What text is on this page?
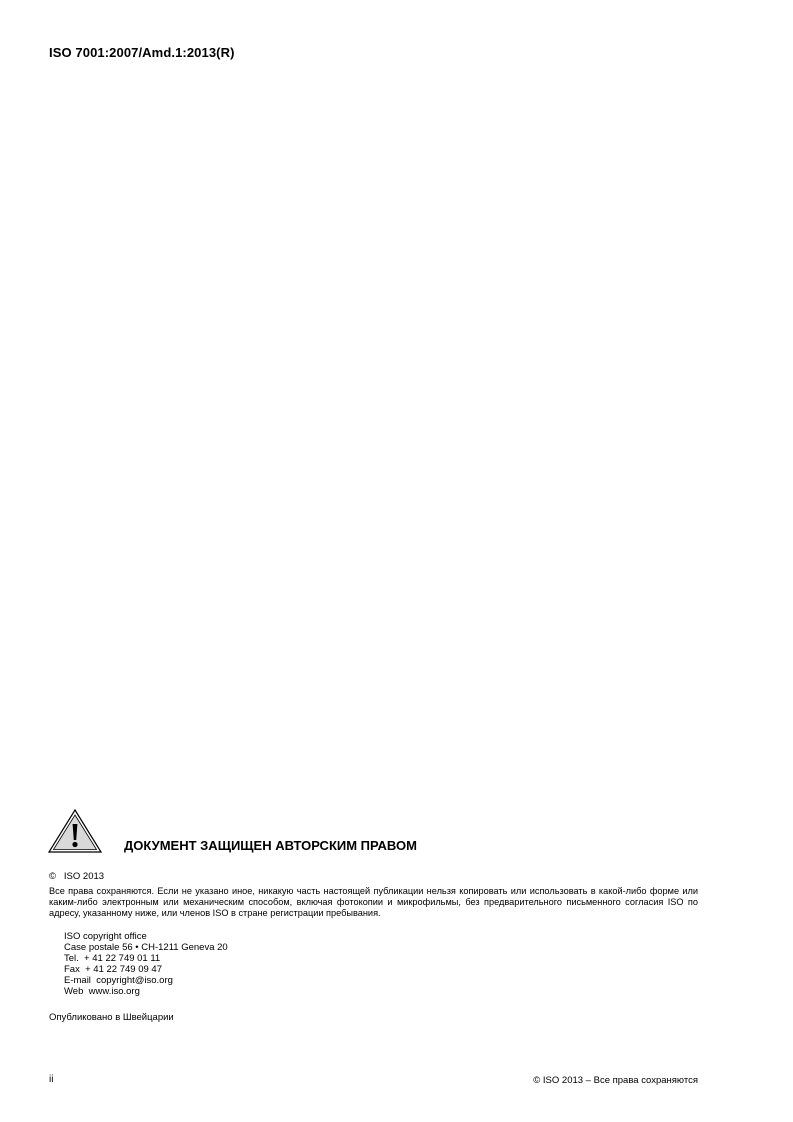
ISO 7001:2007/Amd.1:2013(R)
ДОКУМЕНТ ЗАЩИЩЕН АВТОРСКИМ ПРАВОМ
©   ISO 2013
Все права сохраняются. Если не указано иное, никакую часть настоящей публикации нельзя копировать или использовать в какой-либо форме или каким-либо электронным или механическим способом, включая фотокопии и микрофильмы, без предварительного письменного согласия ISO по адресу, указанному ниже, или членов ISO в стране регистрации пребывания.
ISO copyright office
Case postale 56 • CH-1211 Geneva 20
Tel.  + 41 22 749 01 11
Fax  + 41 22 749 09 47
E-mail  copyright@iso.org
Web  www.iso.org
Опубликовано в Швейцарии
ii	© ISO 2013 – Все права сохраняются
